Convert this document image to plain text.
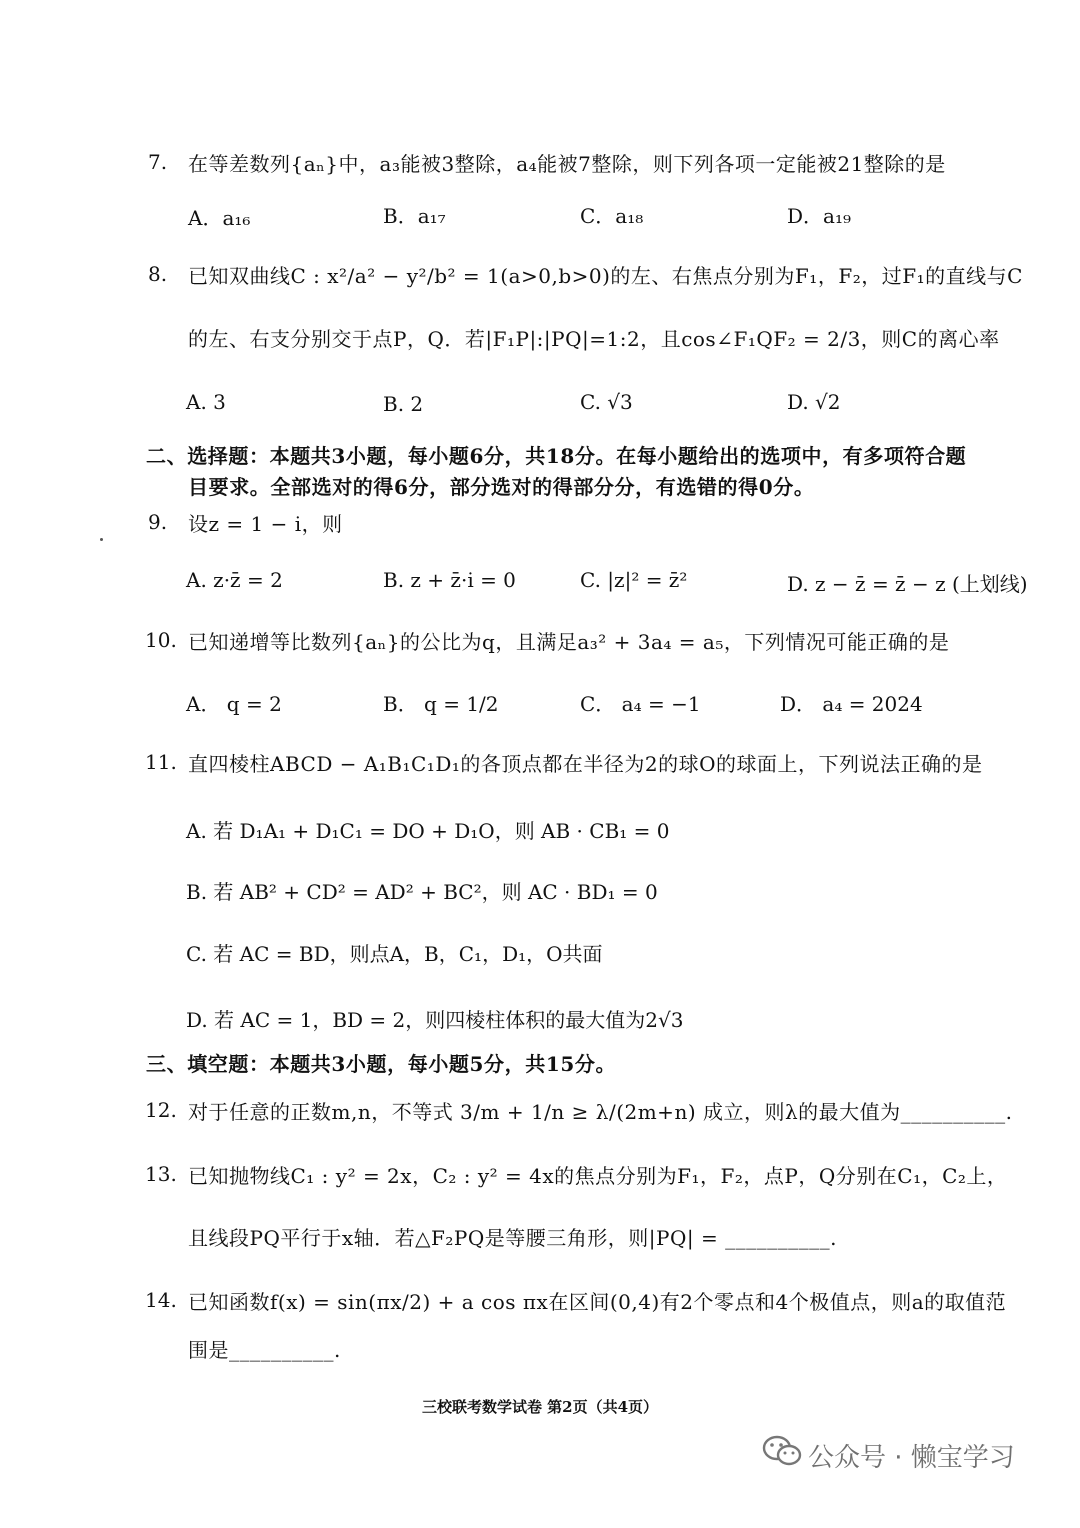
7. 在等差数列{aₙ}中，a₃能被3整除，a₄能被7整除，则下列各项一定能被21整除的是
A．a₁₆	B．a₁₇	C．a₁₈	D．a₁₉
8. 已知双曲线C : x²/a² − y²/b² = 1(a>0,b>0)的左、右焦点分别为F₁，F₂，过F₁的直线与C
的左、右支分别交于点P，Q．若|F₁P|:|PQ|=1:2，且cos∠F₁QF₂ = 2/3，则C的离心率
A. 3	B. 2	C. √3	D. √2
二、选择题：本题共3小题，每小题6分，共18分。在每小题给出的选项中，有多项符合题
目要求。全部选对的得6分，部分选对的得部分分，有选错的得0分。
9. 设z = 1 − i，则
A. z·z̄ = 2	B. z + z̄·i = 0	C. |z|² = z̄²	D. z − z̄ = z̄ − z (上划线)
10. 已知递增等比数列{aₙ}的公比为q，且满足a₃² + 3a₄ = a₅，下列情况可能正确的是
A． q = 2	B． q = 1/2	C． a₄ = −1	D． a₄ = 2024
11. 直四棱柱ABCD − A₁B₁C₁D₁的各顶点都在半径为2的球O的球面上，下列说法正确的是
A. 若 D₁A₁ + D₁C₁ = DO + D₁O，则 AB · CB₁ = 0
B. 若 AB² + CD² = AD² + BC²，则 AC · BD₁ = 0
C. 若 AC = BD，则点A，B，C₁，D₁，O共面
D. 若 AC = 1，BD = 2，则四棱柱体积的最大值为2√3
三、填空题：本题共3小题，每小题5分，共15分。
12. 对于任意的正数m,n，不等式 3/m + 1/n ≥ λ/(2m+n) 成立，则λ的最大值为__________.
13. 已知抛物线C₁ : y² = 2x，C₂ : y² = 4x的焦点分别为F₁，F₂，点P，Q分别在C₁，C₂上，
且线段PQ平行于x轴．若△F₂PQ是等腰三角形，则|PQ| = __________.
14. 已知函数f(x) = sin(πx/2) + a cos πx在区间(0,4)有2个零点和4个极值点，则a的取值范
围是__________.
三校联考数学试卷 第2页（共4页）
公众号 · 懒宝学习
